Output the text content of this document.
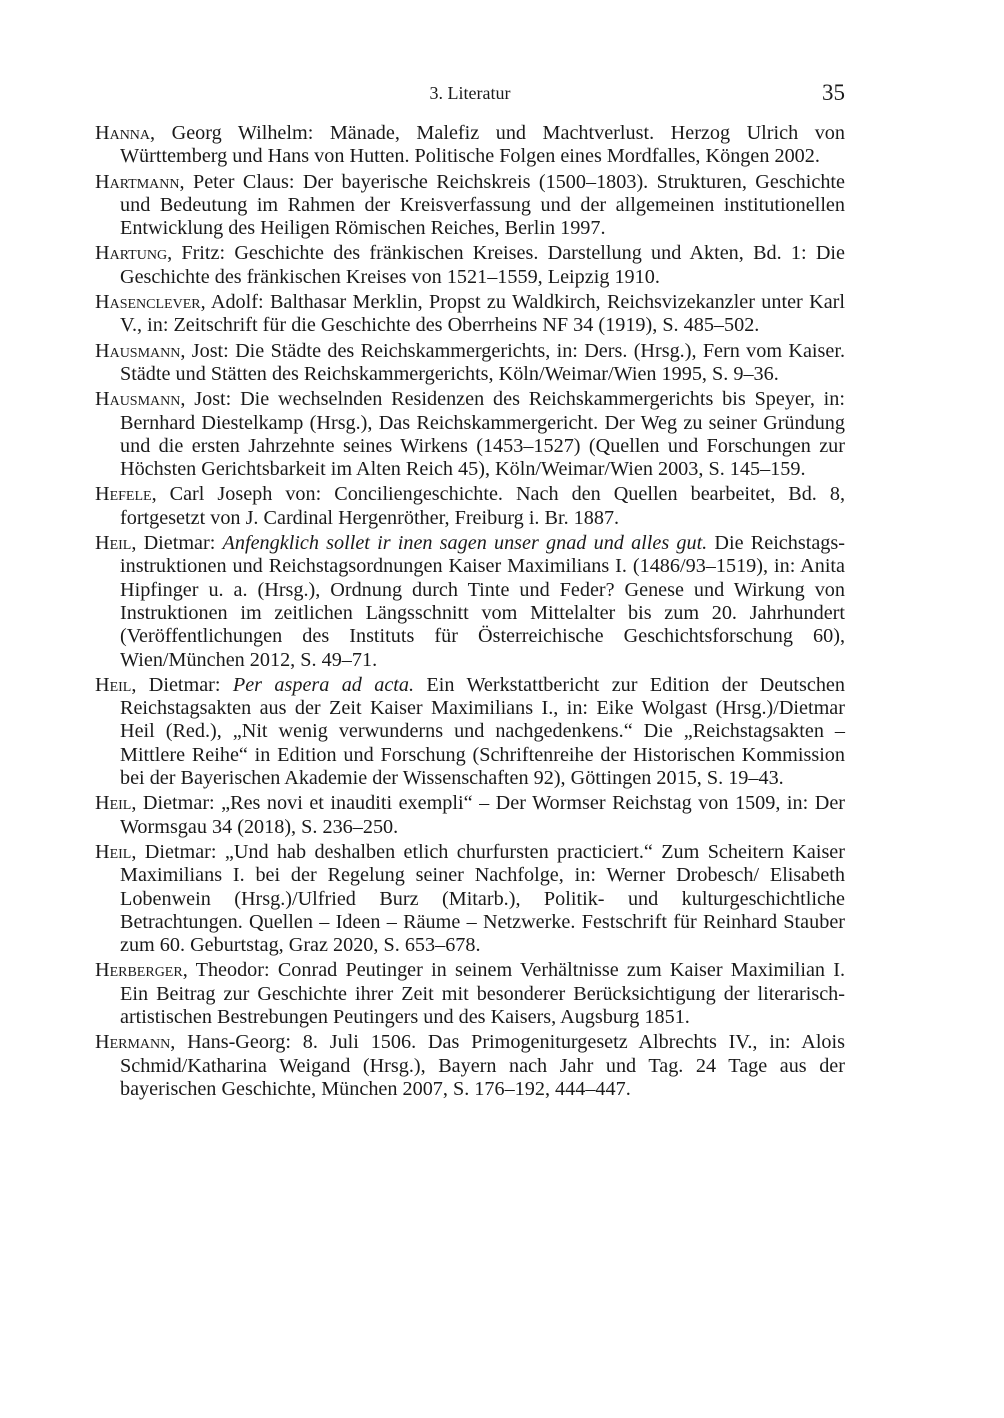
3. Literatur	35
Hanna, Georg Wilhelm: Mänade, Malefiz und Machtverlust. Herzog Ulrich von Württemberg und Hans von Hutten. Politische Folgen eines Mordfalles, Köngen 2002.
Hartmann, Peter Claus: Der bayerische Reichskreis (1500–1803). Strukturen, Geschichte und Bedeutung im Rahmen der Kreisverfassung und der allgemeinen institutionellen Entwicklung des Heiligen Römischen Reiches, Berlin 1997.
Hartung, Fritz: Geschichte des fränkischen Kreises. Darstellung und Akten, Bd. 1: Die Geschichte des fränkischen Kreises von 1521–1559, Leipzig 1910.
Hasenclever, Adolf: Balthasar Merklin, Propst zu Waldkirch, Reichsvizekanzler unter Karl V., in: Zeitschrift für die Geschichte des Oberrheins NF 34 (1919), S. 485–502.
Hausmann, Jost: Die Städte des Reichskammergerichts, in: Ders. (Hrsg.), Fern vom Kaiser. Städte und Stätten des Reichskammergerichts, Köln/Weimar/Wien 1995, S. 9–36.
Hausmann, Jost: Die wechselnden Residenzen des Reichskammergerichts bis Speyer, in: Bernhard Diestelkamp (Hrsg.), Das Reichskammergericht. Der Weg zu seiner Gründung und die ersten Jahrzehnte seines Wirkens (1453–1527) (Quellen und Forschungen zur Höchsten Gerichtsbarkeit im Alten Reich 45), Köln/Weimar/Wien 2003, S. 145–159.
Hefele, Carl Joseph von: Conciliengeschichte. Nach den Quellen bearbeitet, Bd. 8, fortgesetzt von J. Cardinal Hergenröther, Freiburg i. Br. 1887.
Heil, Dietmar: Anfengklich sollet ir inen sagen unser gnad und alles gut. Die Reichstagsinstruktionen und Reichstagsordnungen Kaiser Maximilians I. (1486/93–1519), in: Anita Hipfinger u. a. (Hrsg.), Ordnung durch Tinte und Feder? Genese und Wirkung von Instruktionen im zeitlichen Längsschnitt vom Mittelalter bis zum 20. Jahrhundert (Veröffentlichungen des Instituts für Österreichische Geschichtsforschung 60), Wien/München 2012, S. 49–71.
Heil, Dietmar: Per aspera ad acta. Ein Werkstattbericht zur Edition der Deutschen Reichstagsakten aus der Zeit Kaiser Maximilians I., in: Eike Wolgast (Hrsg.)/Dietmar Heil (Red.), „Nit wenig verwunderns und nachgedenkens.“ Die „Reichstagsakten – Mittlere Reihe“ in Edition und Forschung (Schriftenreihe der Historischen Kommission bei der Bayerischen Akademie der Wissenschaften 92), Göttingen 2015, S. 19–43.
Heil, Dietmar: „Res novi et inauditi exempli“ – Der Wormser Reichstag von 1509, in: Der Wormsgau 34 (2018), S. 236–250.
Heil, Dietmar: „Und hab deshalben etlich churfursten practiciert.“ Zum Scheitern Kaiser Maximilians I. bei der Regelung seiner Nachfolge, in: Werner Drobesch/ Elisabeth Lobenwein (Hrsg.)/Ulfried Burz (Mitarb.), Politik- und kulturgeschichtliche Betrachtungen. Quellen – Ideen – Räume – Netzwerke. Festschrift für Reinhard Stauber zum 60. Geburtstag, Graz 2020, S. 653–678.
Herberger, Theodor: Conrad Peutinger in seinem Verhältnisse zum Kaiser Maximilian I. Ein Beitrag zur Geschichte ihrer Zeit mit besonderer Berücksichtigung der literarisch-artistischen Bestrebungen Peutingers und des Kaisers, Augsburg 1851.
Hermann, Hans-Georg: 8. Juli 1506. Das Primogeniturgesetz Albrechts IV., in: Alois Schmid/Katharina Weigand (Hrsg.), Bayern nach Jahr und Tag. 24 Tage aus der bayerischen Geschichte, München 2007, S. 176–192, 444–447.
